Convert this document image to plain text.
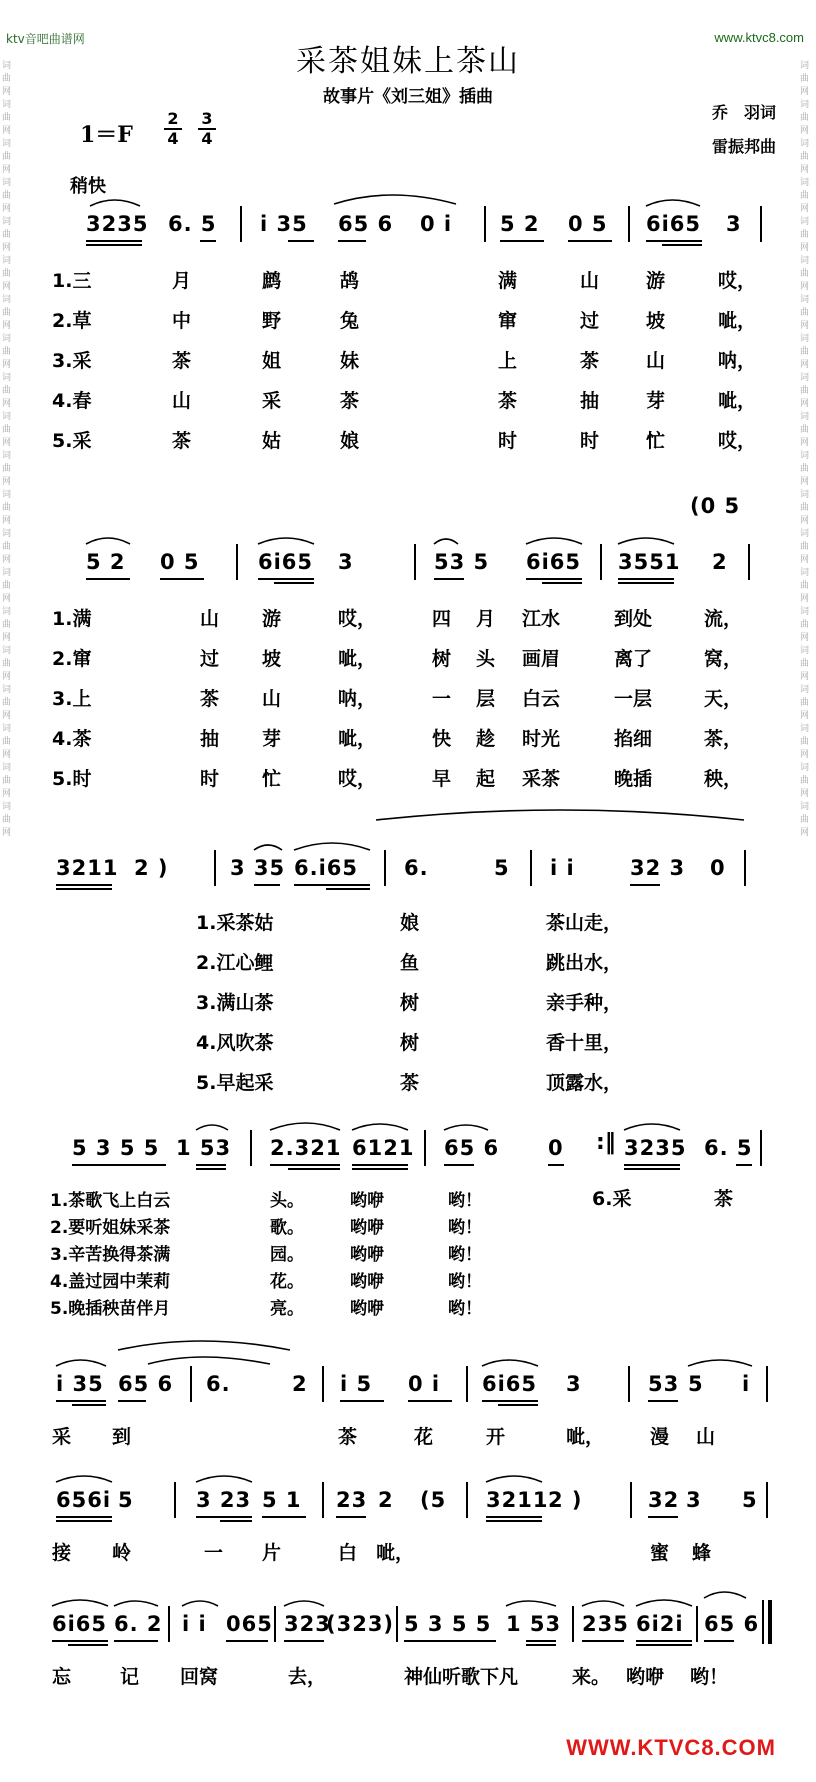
ktv音吧曲谱网	www.ktvc8.com
词曲网词曲网词曲网词曲网词曲网词曲网词曲网词曲网词曲网词曲网词曲网词曲网词曲网词曲网词曲网词曲网词曲网词曲网词曲网词曲网
词曲网词曲网词曲网词曲网词曲网词曲网词曲网词曲网词曲网词曲网词曲网词曲网词曲网词曲网词曲网词曲网词曲网词曲网词曲网词曲网
采茶姐妹上茶山
故事片《刘三姐》插曲
1＝F
2
4
3
4
乔　羽词
雷振邦曲
稍快
3235 6. 5 i 35 65 6 0 i 5 2 0 5 6i65 3
1.三	月	鹧	鸪	满	山 游	哎，
2.草	中	野	兔	窜	过 坡	呲，
3.采	茶	姐	妹	上	茶 山	呐，
4.春	山	采	茶	茶	抽 芽	呲，
5.采	茶	姑	娘	时	时 忙	哎，
(0 5
5 2 0 5	6i65 3	53 5 6i65 3551 2
1.满	山 游	哎，	四 月 江水	到处	流，
2.窜	过 坡	呲，	树 头 画眉	离了	窝，
3.上	茶 山	呐，	一 层 白云	一层	天，
4.茶	抽 芽	呲，	快 趁 时光	掐细	茶，
5.时	时 忙	哎，	早 起 采茶	晚插	秧，
3211 2 )	3 35 6.i65 6.	5 i i	32 3 0
1.采茶姑	娘	茶山走，
2.江心鲤	鱼	跳出水，
3.满山茶	树	亲手种，
4.风吹茶	树	香十里，
5.早起采	茶	顶露水，
5 3 5 5 1 53 2.321 6121 65 6 0 :‖ 3235 6. 5
1.茶歌飞上白云	头。	哟咿	哟！	6.采	茶
2.要听姐妹采茶	歌。	哟咿	哟！
3.辛苦换得茶满	园。	哟咿	哟！
4.盖过园中茉莉	花。	哟咿	哟！
5.晚插秧苗伴月	亮。	哟咿	哟！
i 35 65 6 6.	2 i 5 0 i 6i65 3	53 5 i
采 到	茶	花	开	呲， 漫 山
656i 5	3 23 5 1 23 2 (5 3211 2 )	32 3 5
接 岭	一 片	白 呲，	蜜 蜂
6i65 6. 2 i i 065 323
(323) 5 3 5 5 1 53 235 6i2i 65 6
忘	记 回窝	去，	神仙听歌下凡	来。 哟咿 哟！
WWW.KTVC8.COM
